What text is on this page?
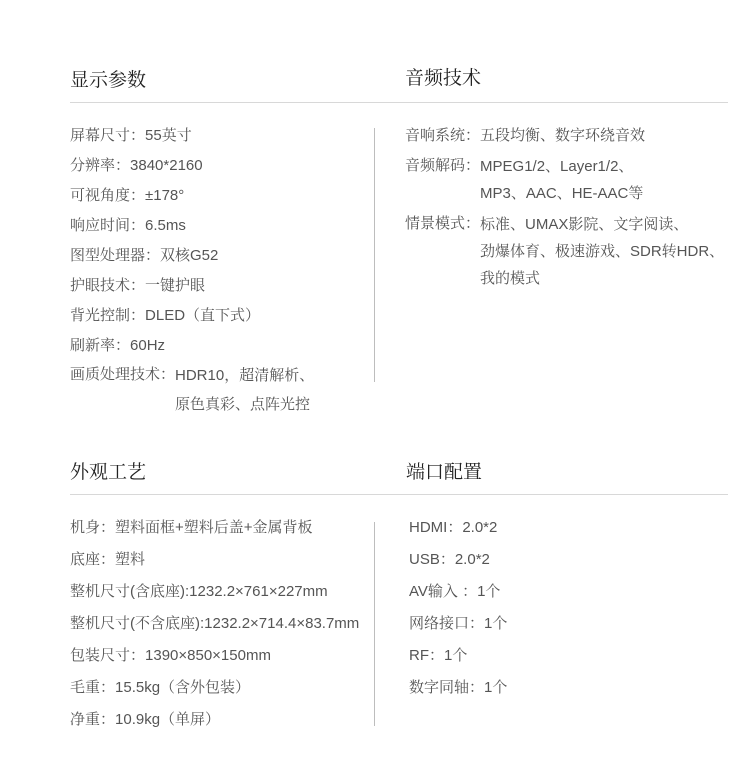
显示参数	音频技术
屏幕尺寸：55英寸
分辨率：3840*2160
可视角度：±178°
响应时间：6.5ms
图型处理器：双核G52
护眼技术：一键护眼
背光控制：DLED（直下式）
刷新率：60Hz
画质处理技术： HDR10，超清解析、
原色真彩、点阵光控
音响系统：五段均衡、数字环绕音效
音频解码： MPEG1/2、Layer1/2、
MP3、AAC、HE-AAC等
情景模式： 标准、UMAX影院、文字阅读、
劲爆体育、极速游戏、SDR转HDR、
我的模式
外观工艺	端口配置
机身：塑料面框+塑料后盖+金属背板
底座：塑料
整机尺寸(含底座):1232.2×761×227mm
整机尺寸(不含底座):1232.2×714.4×83.7mm
包装尺寸：1390×850×150mm
毛重：15.5kg（含外包装）
净重：10.9kg（单屏）
HDMI：2.0*2
USB：2.0*2
AV输入 ：1个
网络接口：1个
RF：1个
数字同轴：1个
